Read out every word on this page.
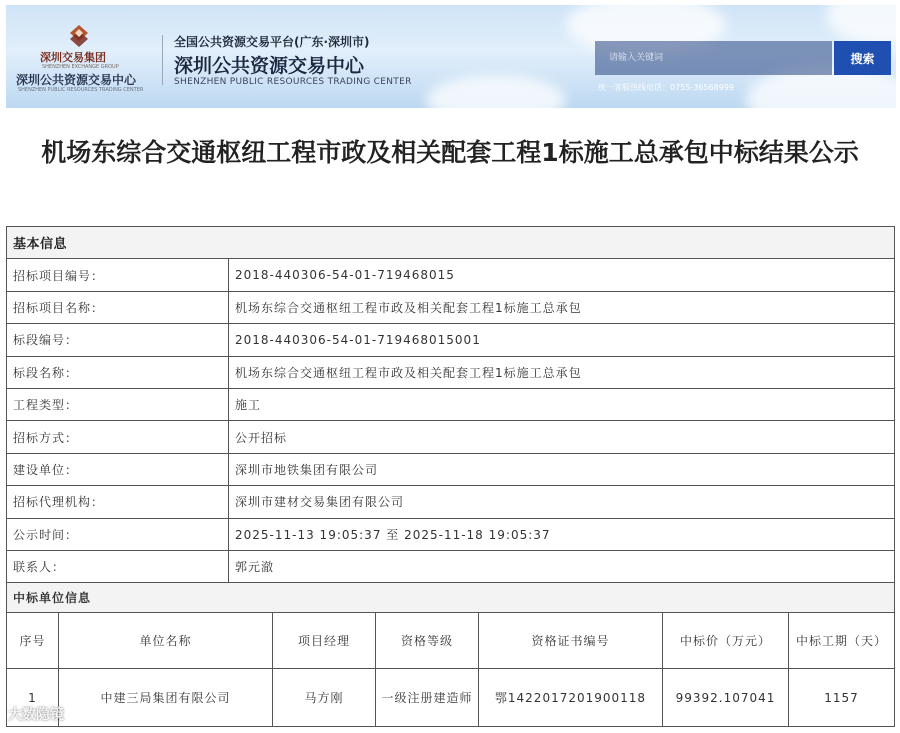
深圳交易集团
SHENZHEN EXCHANGE GROUP
深圳公共资源交易中心
SHENZHEN PUBLIC RESOURCES TRADING CENTER
全国公共资源交易平台(广东·深圳市)
深圳公共资源交易中心
SHENZHEN PUBLIC RESOURCES TRADING CENTER
请输入关键词
搜索
统一客服热线电话：0755-36568999
机场东综合交通枢纽工程市政及相关配套工程1标施工总承包中标结果公示
基本信息	
招标项目编号：	2018-440306-54-01-719468015
招标项目名称：	机场东综合交通枢纽工程市政及相关配套工程1标施工总承包
标段编号：	2018-440306-54-01-719468015001
标段名称：	机场东综合交通枢纽工程市政及相关配套工程1标施工总承包
工程类型：	施工
招标方式：	公开招标
建设单位：	深圳市地铁集团有限公司
招标代理机构：	深圳市建材交易集团有限公司
公示时间：	2025-11-13 19:05:37 至 2025-11-18 19:05:37
联系人：	郭元澈
中标单位信息						
序号	单位名称	项目经理	资格等级	资格证书编号	中标价（万元）	中标工期（天）
1	中建三局集团有限公司	马方刚	一级注册建造师	鄂1422017201900118	99392.107041	1157
大数隐镜
